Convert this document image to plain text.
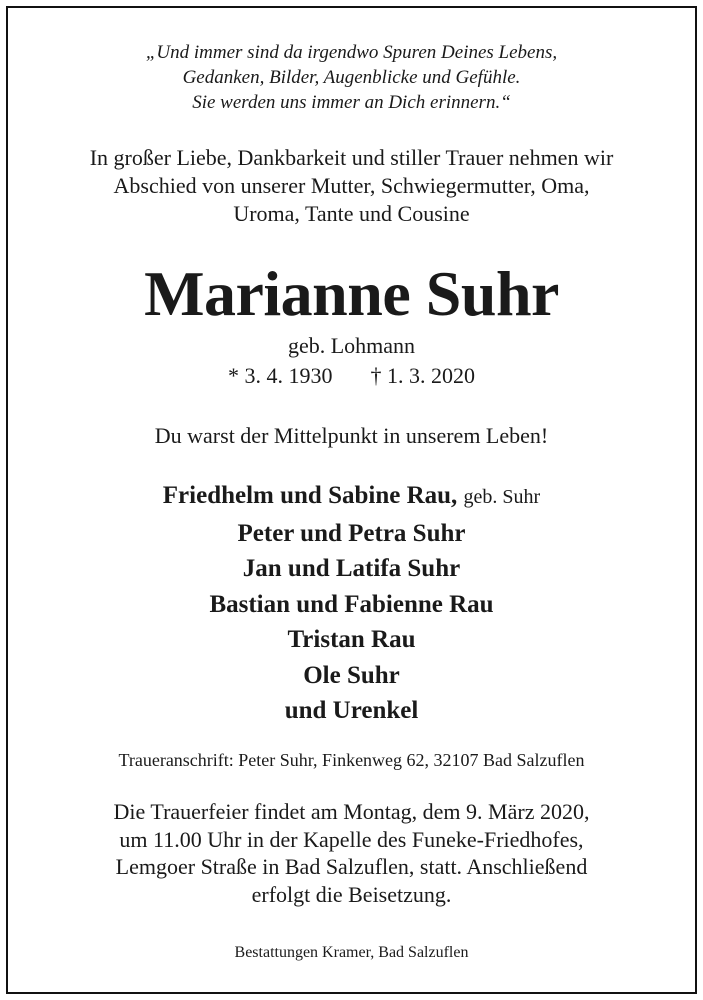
„Und immer sind da irgendwo Spuren Deines Lebens,
Gedanken, Bilder, Augenblicke und Gefühle.
Sie werden uns immer an Dich erinnern.“
In großer Liebe, Dankbarkeit und stiller Trauer nehmen wir
Abschied von unserer Mutter, Schwiegermutter, Oma,
Uroma, Tante und Cousine
Marianne Suhr
geb. Lohmann
* 3. 4. 1930 † 1. 3. 2020
Du warst der Mittelpunkt in unserem Leben!
Friedhelm und Sabine Rau, geb. Suhr
Peter und Petra Suhr
Jan und Latifa Suhr
Bastian und Fabienne Rau
Tristan Rau
Ole Suhr
und Urenkel
Traueranschrift: Peter Suhr, Finkenweg 62, 32107 Bad Salzuflen
Die Trauerfeier findet am Montag, dem 9. März 2020,
um 11.00 Uhr in der Kapelle des Funeke-Friedhofes,
Lemgoer Straße in Bad Salzuflen, statt. Anschließend
erfolgt die Beisetzung.
Bestattungen Kramer, Bad Salzuflen
